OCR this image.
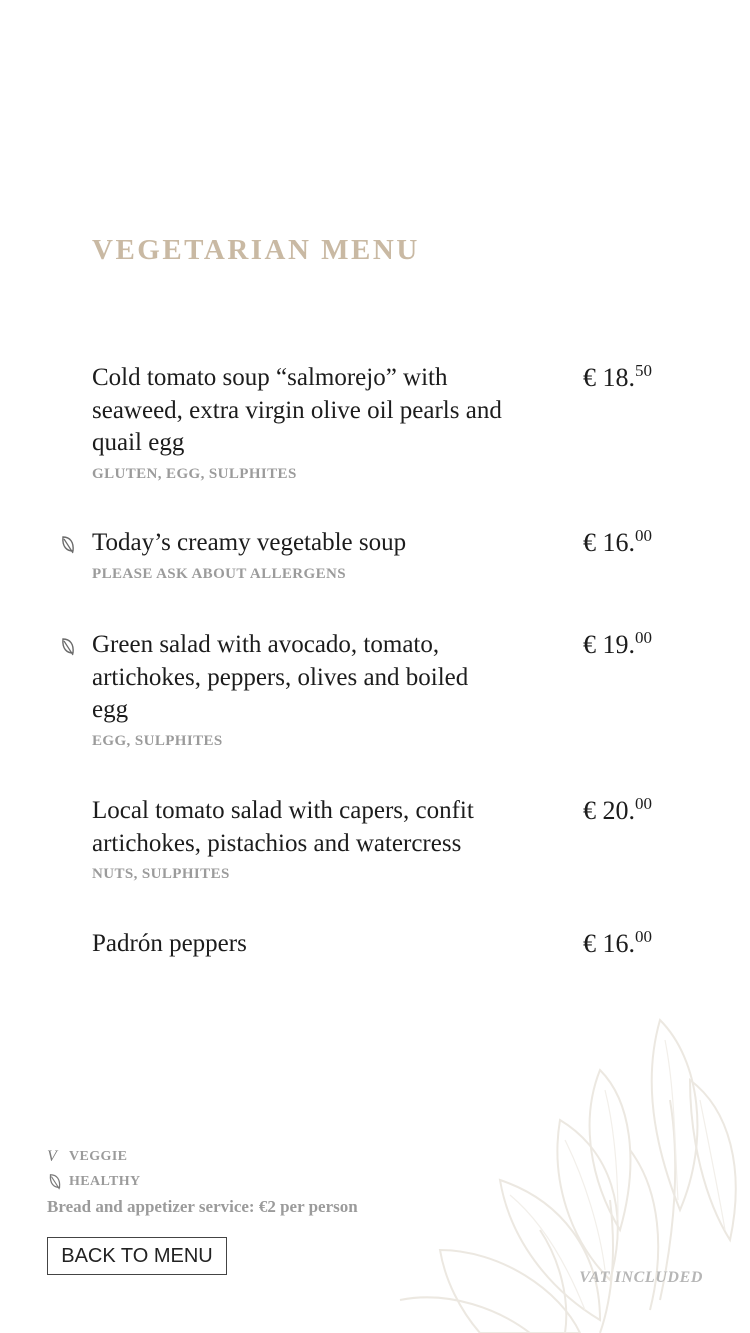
VEGETARIAN MENU
Cold tomato soup “salmorejo” with seaweed, extra virgin olive oil pearls and quail egg
GLUTEN, EGG, SULPHITES
€ 18.50
Today’s creamy vegetable soup
PLEASE ASK ABOUT ALLERGENS
€ 16.00
Green salad with avocado, tomato, artichokes, peppers, olives and boiled egg
EGG, SULPHITES
€ 19.00
Local tomato salad with capers, confit artichokes, pistachios and watercress
NUTS, SULPHITES
€ 20.00
Padrón peppers	€ 16.00
V VEGGIE
HEALTHY
Bread and appetizer service: €2 per person
BACK TO MENU
VAT INCLUDED
